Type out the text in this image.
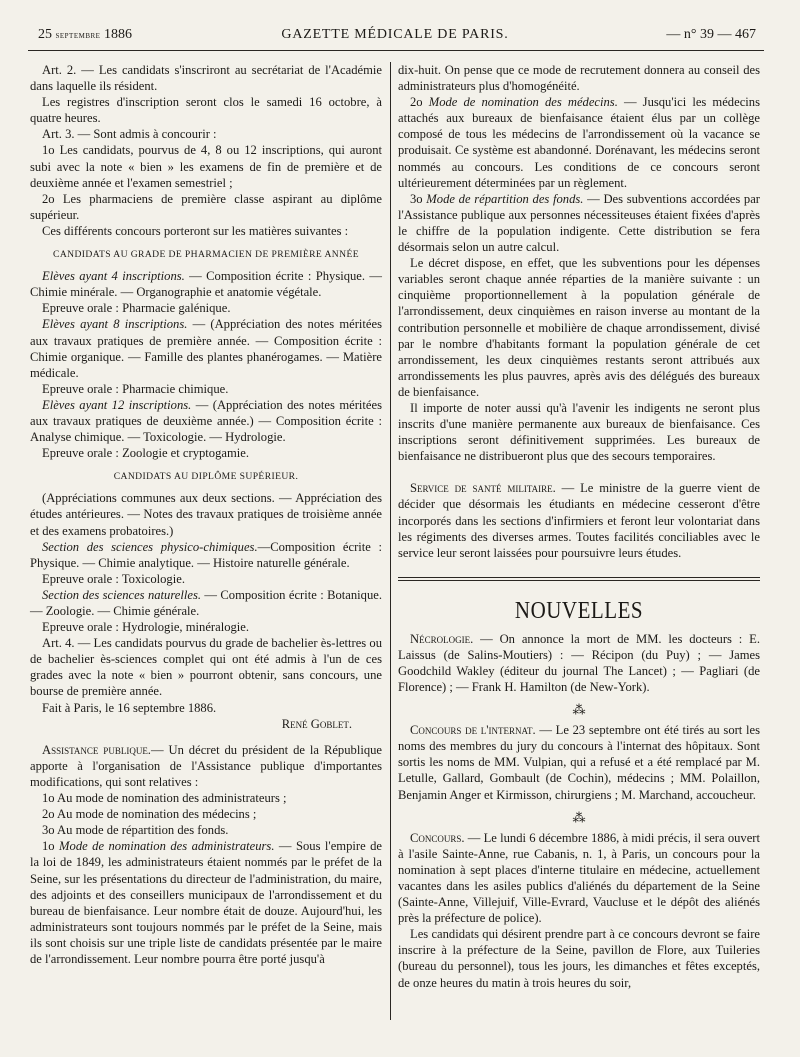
25 septembre 1886	GAZETTE MÉDICALE DE PARIS.	— n° 39 — 467

Art. 2. — Les candidats s'inscriront au secrétariat de l'Académie dans laquelle ils résident.

Les registres d'inscription seront clos le samedi 16 octobre, à quatre heures.

Art. 3. — Sont admis à concourir :

1o Les candidats, pourvus de 4, 8 ou 12 inscriptions, qui auront subi avec la note « bien » les examens de fin de première et de deuxième année et l'examen semestriel ;

2o Les pharmaciens de première classe aspirant au diplôme supérieur.

Ces différents concours porteront sur les matières suivantes :

CANDIDATS AU GRADE DE PHARMACIEN DE PREMIÈRE ANNÉE

Elèves ayant 4 inscriptions. — Composition écrite : Physique. — Chimie minérale. — Organographie et anatomie végétale.

Epreuve orale : Pharmacie galénique.

Elèves ayant 8 inscriptions. — (Appréciation des notes méritées aux travaux pratiques de première année. — Composition écrite : Chimie organique. — Famille des plantes phanérogames. — Matière médicale.

Epreuve orale : Pharmacie chimique.

Elèves ayant 12 inscriptions. — (Appréciation des notes méritées aux travaux pratiques de deuxième année.) — Composition écrite : Analyse chimique. — Toxicologie. — Hydrologie.

Epreuve orale : Zoologie et cryptogamie.

CANDIDATS AU DIPLÔME SUPÉRIEUR.

(Appréciations communes aux deux sections. — Appréciation des études antérieures. — Notes des travaux pratiques de troisième année et des examens probatoires.)

Section des sciences physico-chimiques.—Composition écrite : Physique. — Chimie analytique. — Histoire naturelle générale.

Epreuve orale : Toxicologie.

Section des sciences naturelles. — Composition écrite : Botanique. — Zoologie. — Chimie générale.

Epreuve orale : Hydrologie, minéralogie.

Art. 4. — Les candidats pourvus du grade de bachelier ès-lettres ou de bachelier ès-sciences complet qui ont été admis à l'un de ces grades avec la note « bien » pourront obtenir, sans concours, une bourse de première année.

Fait à Paris, le 16 septembre 1886.

René Goblet.

Assistance publique.— Un décret du président de la République apporte à l'organisation de l'Assistance publique d'importantes modifications, qui sont relatives :

1o Au mode de nomination des administrateurs ;

2o Au mode de nomination des médecins ;

3o Au mode de répartition des fonds.

1o Mode de nomination des administrateurs. — Sous l'empire de la loi de 1849, les administrateurs étaient nommés par le préfet de la Seine, sur les présentations du directeur de l'administration, du maire, des adjoints et des conseillers municipaux de l'arrondissement et du bureau de bienfaisance. Leur nombre était de douze. Aujourd'hui, les administrateurs sont toujours nommés par le préfet de la Seine, mais ils sont choisis sur une triple liste de candidats présentée par le maire de l'arrondissement. Leur nombre pourra être porté jusqu'à

dix-huit. On pense que ce mode de recrutement donnera au conseil des administrateurs plus d'homogénéité.

2o Mode de nomination des médecins. — Jusqu'ici les médecins attachés aux bureaux de bienfaisance étaient élus par un collège composé de tous les médecins de l'arrondissement où la vacance se produisait. Ce système est abandonné. Dorénavant, les médecins seront nommés au concours. Les conditions de ce concours seront ultérieurement déterminées par un règlement.

3o Mode de répartition des fonds. — Des subventions accordées par l'Assistance publique aux personnes nécessiteuses étaient fixées d'après le chiffre de la population indigente. Cette distribution se fera désormais selon un autre calcul.

Le décret dispose, en effet, que les subventions pour les dépenses variables seront chaque année réparties de la manière suivante : un cinquième proportionnellement à la population générale de l'arrondissement, deux cinquièmes en raison inverse au montant de la contribution personnelle et mobilière de chaque arrondissement, divisé par le nombre d'habitants formant la population générale de cet arrondissement, les deux cinquièmes restants seront attribués aux arrondissements les plus pauvres, après avis des délégués des bureaux de bienfaisance.

Il importe de noter aussi qu'à l'avenir les indigents ne seront plus inscrits d'une manière permanente aux bureaux de bienfaisance. Ces inscriptions seront définitivement supprimées. Les bureaux de bienfaisance ne distribueront plus que des secours temporaires.

Service de santé militaire. — Le ministre de la guerre vient de décider que désormais les étudiants en médecine cesseront d'être incorporés dans les sections d'infirmiers et feront leur volontariat dans les régiments des diverses armes. Toutes facilités conciliables avec le service leur seront laissées pour poursuivre leurs études.

NOUVELLES

Nécrologie. — On annonce la mort de MM. les docteurs : E. Laissus (de Salins-Moutiers) : — Récipon (du Puy) ; — James Goodchild Wakley (éditeur du journal The Lancet) ; — Pagliari (de Florence) ; — Frank H. Hamilton (de New-York).

⁂

Concours de l'internat. — Le 23 septembre ont été tirés au sort les noms des membres du jury du concours à l'internat des hôpitaux. Sont sortis les noms de MM. Vulpian, qui a refusé et a été remplacé par M. Letulle, Gallard, Gombault (de Cochin), médecins ; MM. Polaillon, Benjamin Anger et Kirmisson, chirurgiens ; M. Marchand, accoucheur.

⁂

Concours. — Le lundi 6 décembre 1886, à midi précis, il sera ouvert à l'asile Sainte-Anne, rue Cabanis, n. 1, à Paris, un concours pour la nomination à sept places d'interne titulaire en médecine, actuellement vacantes dans les asiles publics d'aliénés du département de la Seine (Sainte-Anne, Villejuif, Ville-Evrard, Vaucluse et le dépôt des aliénés près la préfecture de police).

Les candidats qui désirent prendre part à ce concours devront se faire inscrire à la préfecture de la Seine, pavillon de Flore, aux Tuileries (bureau du personnel), tous les jours, les dimanches et fêtes exceptés, de onze heures du matin à trois heures du soir,
